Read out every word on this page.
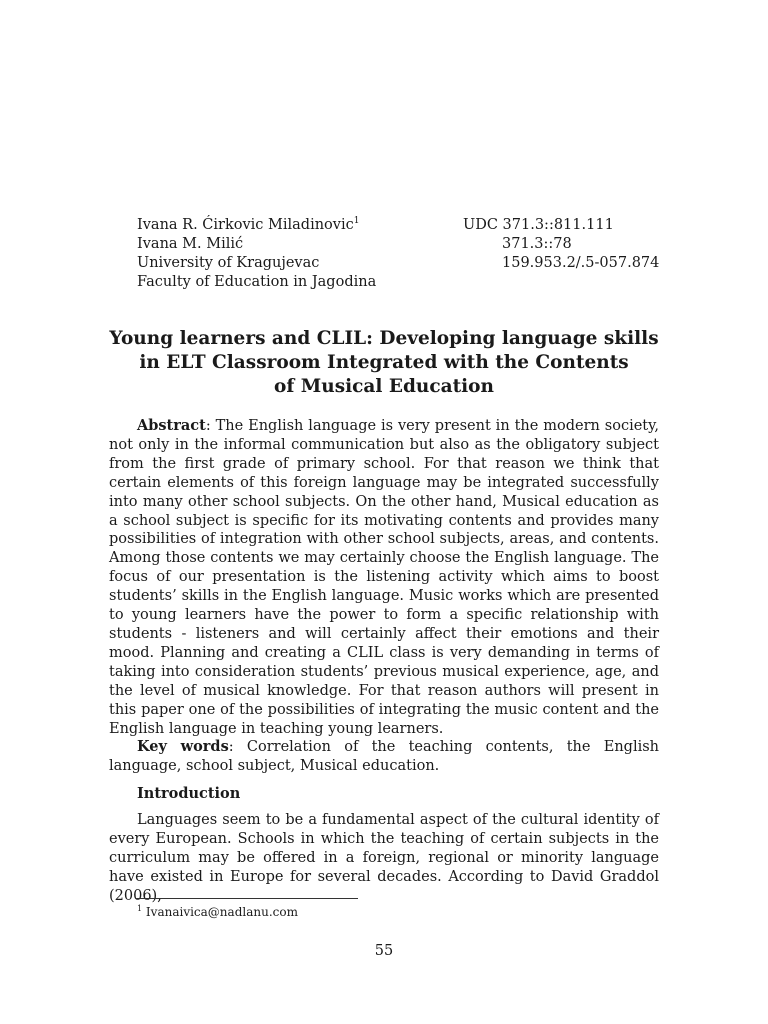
Ivana R. Ćirkovic Miladinovic$^1$
Ivana M. Milić
University of Kragujevac
Faculty of Education in Jagodina
UDC 371.3::811.111
371.3::78
159.953.2/.5-057.874
Young learners and CLIL: Developing language skills
in ELT Classroom Integrated with the Contents
of Musical Education

Abstract: The English language is very present in the modern society, not only in the informal communication but also as the obligatory subject from the first grade of primary school. For that reason we think that certain elements of this foreign language may be integrated successfully into many other school subjects. On the other hand, Musical education as a school subject is specific for its motivating contents and provides many possibilities of integration with other school subjects, areas, and contents. Among those contents we may certainly choose the English language. The focus of our presentation is the listening activity which aims to boost students’ skills in the English language. Music works which are presented to young learners have the power to form a specific relationship with students - listeners and will certainly affect their emotions and their mood. Planning and creating a CLIL class is very demanding in terms of taking into consideration students’ previous musical experience, age, and the level of musical knowledge. For that reason authors will present in this paper one of the possibilities of integrating the music content and the English language in teaching young learners.

Key words: Correlation of the teaching contents, the English language, school subject, Musical education.

Introduction

Languages seem to be a fundamental aspect of the cultural identity of every European. Schools in which the teaching of certain subjects in the curriculum may be offered in a foreign, regional or minority language have existed in Europe for several decades. According to David Graddol (2006),

$^1$ Ivanaivica@nadlanu.com
55
